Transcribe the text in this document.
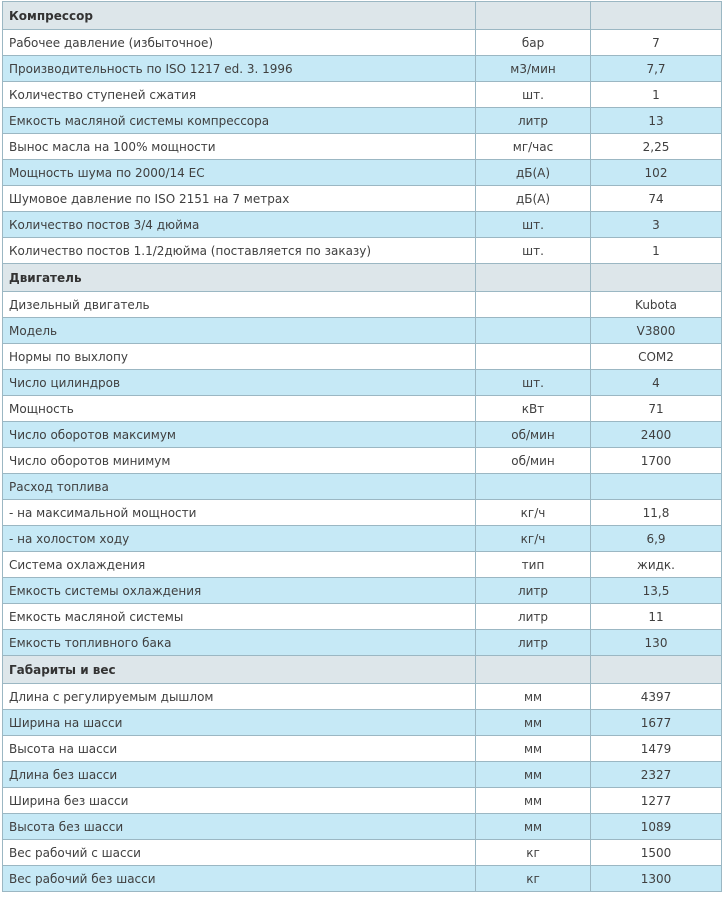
Компрессор		
Рабочее давление (избыточное)	бар	7
Производительность по ISO 1217 ed. 3. 1996	м3/мин	7,7
Количество ступеней сжатия	шт.	1
Емкость масляной системы компрессора	литр	13
Вынос масла на 100% мощности	мг/час	2,25
Мощность шума по 2000/14 ЕС	дБ(А)	102
Шумовое давление по ISO 2151 на 7 метрах	дБ(А)	74
Количество постов 3/4 дюйма	шт.	3
Количество постов 1.1/2дюйма (поставляется по заказу)	шт.	1
Двигатель		
Дизельный двигатель		Kubota
Модель		V3800
Нормы по выхлопу		COM2
Число цилиндров	шт.	4
Мощность	кВт	71
Число оборотов максимум	об/мин	2400
Число оборотов минимум	об/мин	1700
Расход топлива		
- на максимальной мощности	кг/ч	11,8
- на холостом ходу	кг/ч	6,9
Система охлаждения	тип	жидк.
Емкость системы охлаждения	литр	13,5
Емкость масляной системы	литр	11
Емкость топливного бака	литр	130
Габариты и вес		
Длина с регулируемым дышлом	мм	4397
Ширина на шасси	мм	1677
Высота на шасси	мм	1479
Длина без шасси	мм	2327
Ширина без шасси	мм	1277
Высота без шасси	мм	1089
Вес рабочий с шасси	кг	1500
Вес рабочий без шасси	кг	1300
